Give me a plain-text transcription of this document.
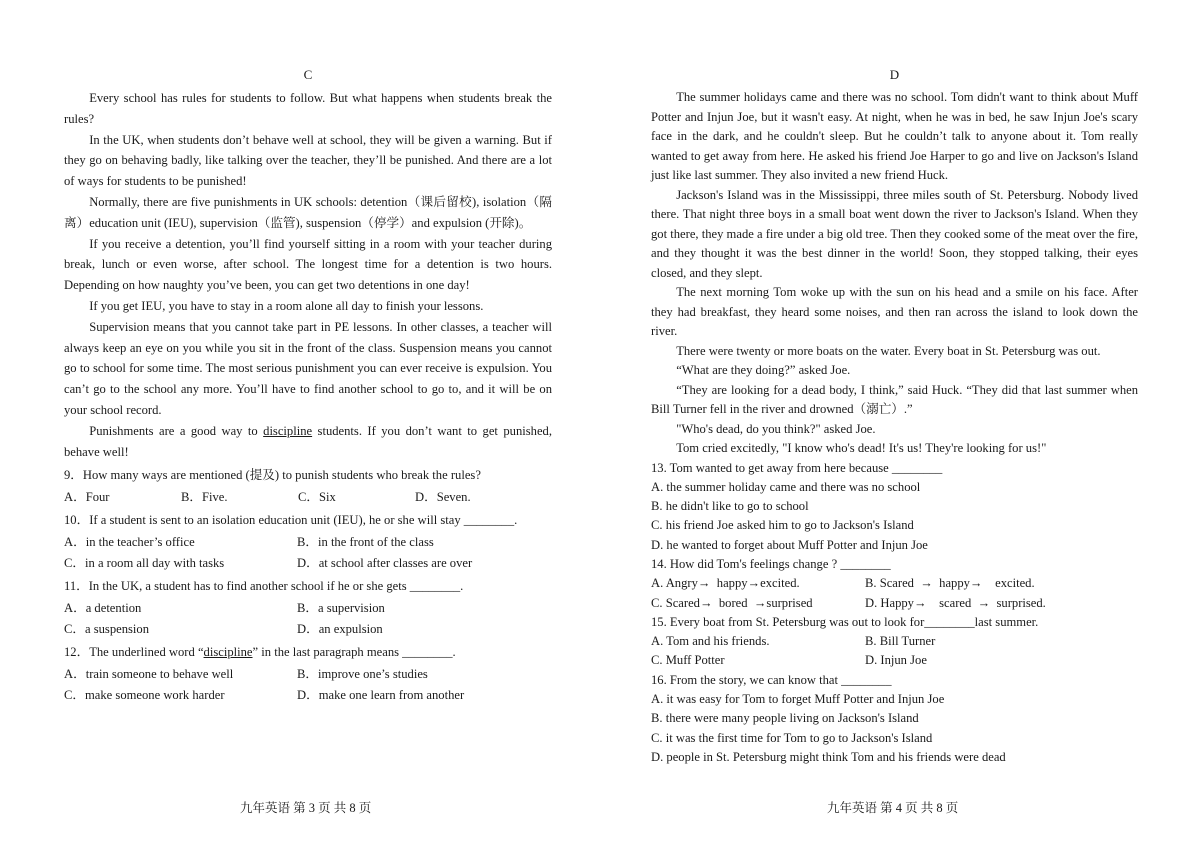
C

Every school has rules for students to follow. But what happens when students break the rules?

In the UK, when students don’t behave well at school, they will be given a warning. But if they go on behaving badly, like talking over the teacher, they’ll be punished. And there are a lot of ways for students to be punished!

Normally, there are five punishments in UK schools: detention（课后留校), isolation（隔离）education unit (IEU), supervision（监管), suspension（停学）and expulsion (开除)。

If you receive a detention, you’ll find yourself sitting in a room with your teacher during break, lunch or even worse, after school. The longest time for a detention is two hours. Depending on how naughty you’ve been, you can get two detentions in one day!

If you get IEU, you have to stay in a room alone all day to finish your lessons.

Supervision means that you cannot take part in PE lessons. In other classes, a teacher will always keep an eye on you while you sit in the front of the class. Suspension means you cannot go to school for some time. The most serious punishment you can ever receive is expulsion. You can’t go to the school any more. You’ll have to find another school to go to, and it will be on your school record.

Punishments are a good way to discipline students. If you don’t want to get punished, behave well!

9．How many ways are mentioned (提及) to punish students who break the rules?
A．Four	B．Five.	C．Six	D．Seven.
10．If a student is sent to an isolation education unit (IEU), he or she will stay ________.
A．in the teacher’s office	B．in the front of the class
C．in a room all day with tasks	D．at school after classes are over
11．In the UK, a student has to find another school if he or she gets ________.
A．a detention	B．a supervision
C．a suspension	D．an expulsion
12．The underlined word “discipline” in the last paragraph means ________.
A．train someone to behave well	B．improve one’s studies
C．make someone work harder	D．make one learn from another
D

The summer holidays came and there was no school. Tom didn't want to think about Muff Potter and Injun Joe, but it wasn't easy. At night, when he was in bed, he saw Injun Joe's scary face in the dark, and he couldn't sleep. But he couldn’t talk to anyone about it. Tom really wanted to get away from here. He asked his friend Joe Harper to go and live on Jackson's Island just like last summer. They also invited a new friend Huck.

Jackson's Island was in the Mississippi, three miles south of St. Petersburg. Nobody lived there. That night three boys in a small boat went down the river to Jackson's Island. When they got there, they made a fire under a big old tree. Then they cooked some of the meat over the fire, and they thought it was the best dinner in the world! Soon, they stopped talking, their eyes closed, and they slept.

The next morning Tom woke up with the sun on his head and a smile on his face. After they had breakfast, they heard some noises, and then ran across the island to look down the river.

There were twenty or more boats on the water. Every boat in St. Petersburg was out.

“What are they doing?” asked Joe.

“They are looking for a dead body, I think,” said Huck. “They did that last summer when Bill Turner fell in the river and drowned（溺亡）.”

"Who's dead, do you think?" asked Joe.

Tom cried excitedly, "I know who's dead! It's us! They're looking for us!"

13. Tom wanted to get away from here because ________
A. the summer holiday came and there was no school
B. he didn't like to go to school
C. his friend Joe asked him to go to Jackson's Island
D. he wanted to forget about Muff Potter and Injun Joe
14. How did Tom's feelings change ? ________
A. Angry→  happy→excited.	B. Scared  →  happy→    excited.
C. Scared→  bored  →surprised	D. Happy→    scared  →  surprised.
15. Every boat from St. Petersburg was out to look for________last summer.
A. Tom and his friends.	B. Bill Turner
C. Muff Potter	D. Injun Joe
16. From the story, we can know that ________
A. it was easy for Tom to forget Muff Potter and Injun Joe
B. there were many people living on Jackson's Island
C. it was the first time for Tom to go to Jackson's Island
D. people in St. Petersburg might think Tom and his friends were dead
九年英语 第 3 页 共 8 页	九年英语 第 4 页 共 8 页
